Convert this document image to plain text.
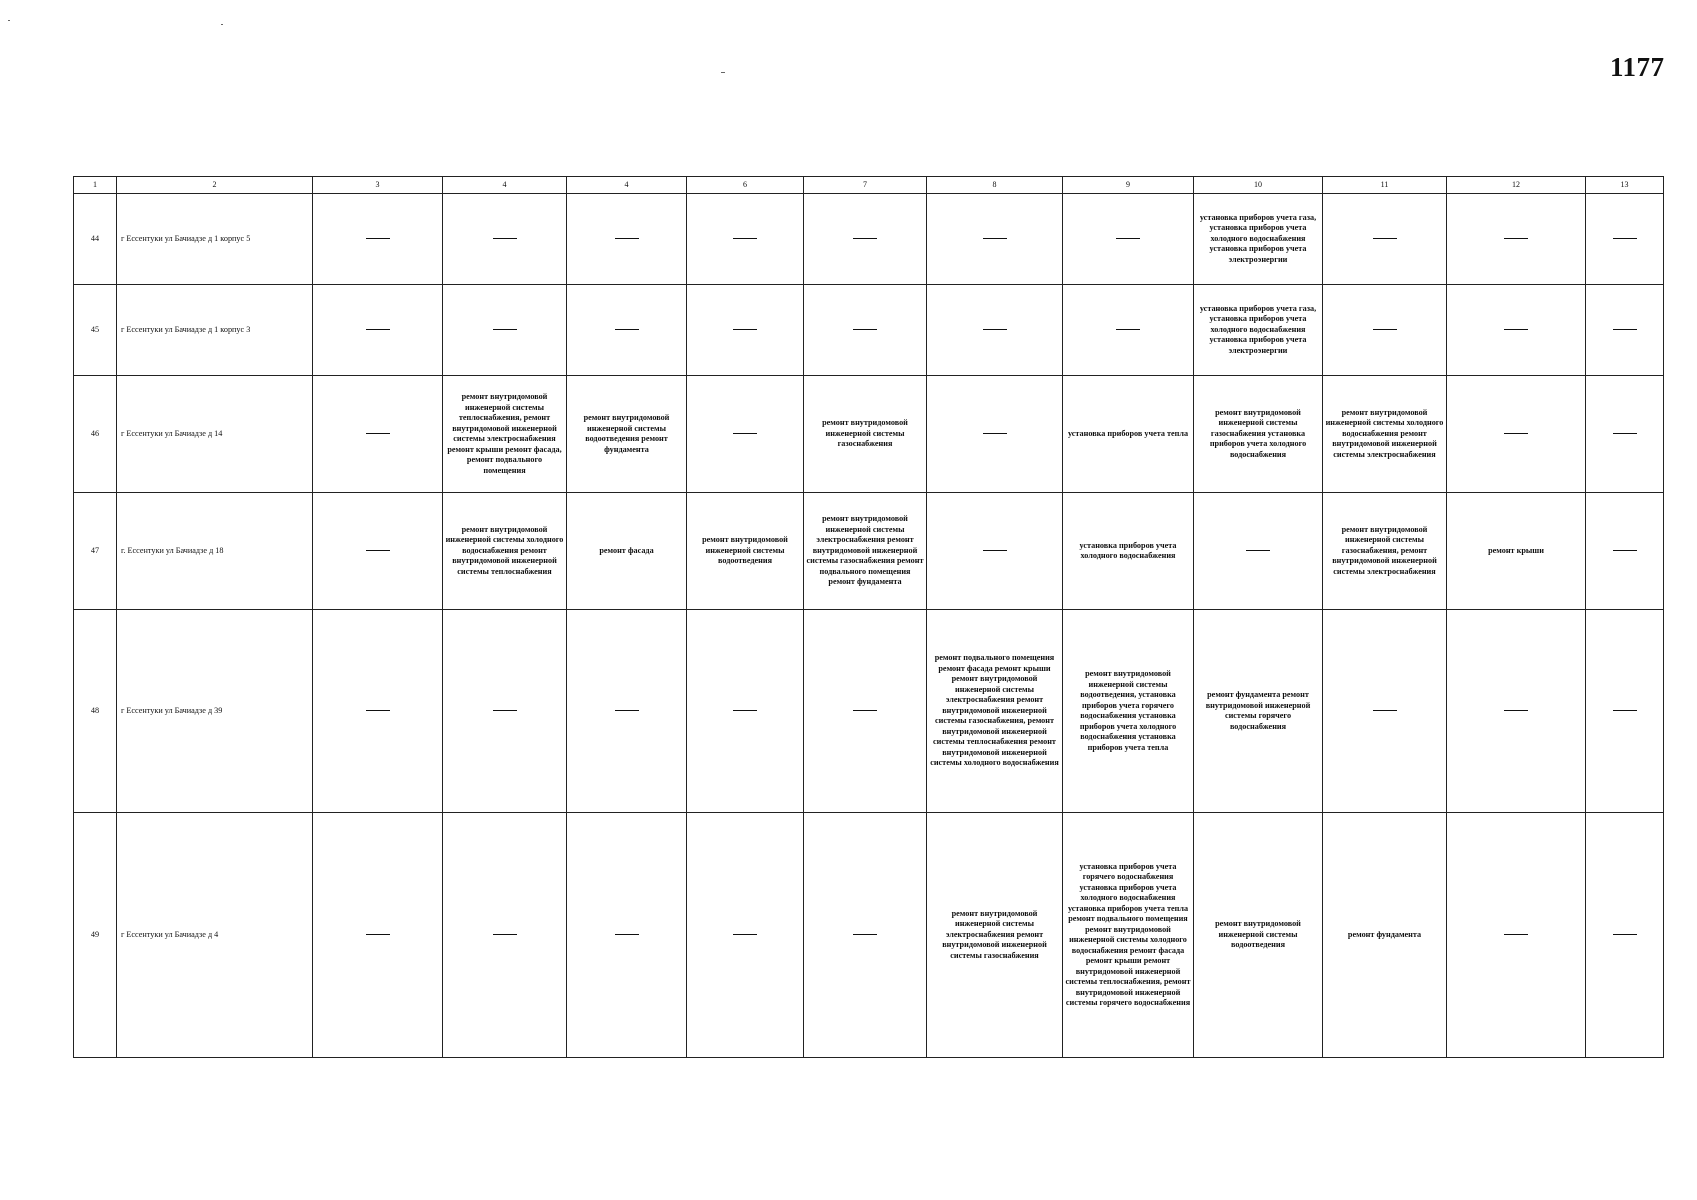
1177
1	2	3	4	4	6	7	8	9	10	11	12	13
44	г Ессентуки ул Бачиадзе д 1 корпус 5								установка приборов учета газа, установка приборов учета холодного водоснабжения установка приборов учета электроэнергии			
45	г Ессентуки ул Бачиадзе д 1 корпус 3								установка приборов учета газа, установка приборов учета холодного водоснабжения установка приборов учета электроэнергии			
46	г Ессентуки ул Бачиадзе д 14		ремонт внутридомовой инженерной системы теплоснабжения, ремонт внутридомовой инженерной системы электроснабжения ремонт крыши ремонт фасада, ремонт подвального помещения	ремонт внутридомовой инженерной системы водоотведения ремонт фундамента		ремонт внутридомовой инженерной системы газоснабжения		установка приборов учета тепла	ремонт внутридомовой инженерной системы газоснабжения установка приборов учета холодного водоснабжения	ремонт внутридомовой инженерной системы холодного водоснабжения ремонт внутридомовой инженерной системы электроснабжения		
47	г. Ессентуки ул Бачиадзе д 18		ремонт внутридомовой инженерной системы холодного водоснабжения ремонт внутридомовой инженерной системы теплоснабжения	ремонт фасада	ремонт внутридомовой инженерной системы водоотведения	ремонт внутридомовой инженерной системы электроснабжения ремонт внутридомовой инженерной системы газоснабжения ремонт подвального помещения ремонт фундамента		установка приборов учета холодного водоснабжения		ремонт внутридомовой инженерной системы газоснабжения, ремонт внутридомовой инженерной системы электроснабжения	ремонт крыши	
48	г Ессентуки ул Бачиадзе д 39						ремонт подвального помещения ремонт фасада ремонт крыши ремонт внутридомовой инженерной системы электроснабжения ремонт внутридомовой инженерной системы газоснабжения, ремонт внутридомовой инженерной системы теплоснабжения ремонт внутридомовой инженерной системы холодного водоснабжения	ремонт внутридомовой инженерной системы водоотведения, установка приборов учета горячего водоснабжения установка приборов учета холодного водоснабжения установка приборов учета тепла	ремонт фундамента ремонт внутридомовой инженерной системы горячего водоснабжения			
49	г Ессентуки ул Бачиадзе д 4						ремонт внутридомовой инженерной системы электроснабжения ремонт внутридомовой инженерной системы газоснабжения	установка приборов учета горячего водоснабжения установка приборов учета холодного водоснабжения установка приборов учета тепла ремонт подвального помещения ремонт внутридомовой инженерной системы холодного водоснабжения ремонт фасада ремонт крыши ремонт внутридомовой инженерной системы теплоснабжения, ремонт внутридомовой инженерной системы горячего водоснабжения	ремонт внутридомовой инженерной системы водоотведения	ремонт фундамента		
